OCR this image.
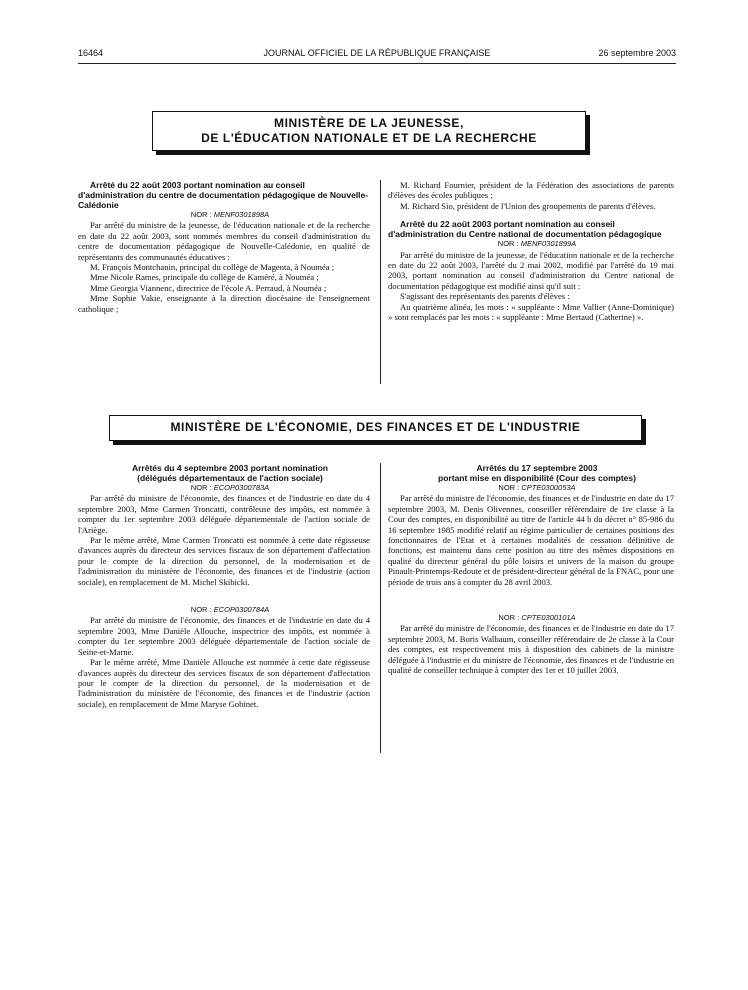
16464	JOURNAL OFFICIEL DE LA RÉPUBLIQUE FRANÇAISE	26 septembre 2003
MINISTÈRE DE LA JEUNESSE,
DE L'ÉDUCATION NATIONALE ET DE LA RECHERCHE

Arrêté du 22 août 2003 portant nomination au conseil d'administration du centre de documentation pédagogique de Nouvelle-Calédonie

NOR : MENF0301898A

Par arrêté du ministre de la jeunesse, de l'éducation nationale et de la recherche en date du 22 août 2003, sont nommés membres du conseil d'administration du centre de documentation pédagogique de Nouvelle-Calédonie, en qualité de représentants des communautés éducatives :

M. François Montchanin, principal du collège de Magenta, à Nouméa ;

Mme Nicole Rames, principale du collège de Kaméré, à Nouméa ;

Mme Georgia Viannenc, directrice de l'école A. Perraud, à Nouméa ;

Mme Sophie Vakie, enseignante à la direction diocésaine de l'enseignement catholique ;

M. Richard Fournier, président de la Fédération des associations de parents d'élèves des écoles publiques ;

M. Richard Sio, président de l'Union des groupements de parents d'élèves.

Arrêté du 22 août 2003 portant nomination au conseil d'administration du Centre national de documentation pédagogique

NOR : MENF0301899A

Par arrêté du ministre de la jeunesse, de l'éducation nationale et de la recherche en date du 22 août 2003, l'arrêté du 2 mai 2002, modifié par l'arrêté du 19 mai 2003, portant nomination au conseil d'administration du Centre national de documentation pédagogique est modifié ainsi qu'il suit :

S'agissant des représentants des parents d'élèves :

Au quatrième alinéa, les mots : « suppléante : Mme Vallier (Anne-Dominique) » sont remplacés par les mots : « suppléante : Mme Bertaud (Catherine) ».

MINISTÈRE DE L'ÉCONOMIE, DES FINANCES ET DE L'INDUSTRIE

Arrêtés du 4 septembre 2003 portant nomination

(délégués départementaux de l'action sociale)

NOR : ECOP0300783A

Par arrêté du ministre de l'économie, des finances et de l'industrie en date du 4 septembre 2003, Mme Carmen Troncatti, contrôleuse des impôts, est nommée à compter du 1er septembre 2003 déléguée départementale de l'action sociale de l'Ariège.

Par le même arrêté, Mme Carmen Troncatti est nommée à cette date régisseuse d'avances auprès du directeur des services fiscaux de son département d'affectation pour le compte de la direction du personnel, de la modernisation et de l'administration du ministère de l'économie, des finances et de l'industrie (action sociale), en remplacement de M. Michel Skibicki.

NOR : ECOP0300784A

Par arrêté du ministre de l'économie, des finances et de l'industrie en date du 4 septembre 2003, Mme Danièle Allouche, inspectrice des impôts, est nommée à compter du 1er septembre 2003 déléguée départementale de l'action sociale de Seine-et-Marne.

Par le même arrêté, Mme Danièle Allouche est nommée à cette date régisseuse d'avances auprès du directeur des services fiscaux de son département d'affectation pour le compte de la direction du personnel, de la modernisation et de l'administration du ministère de l'économie, des finances et de l'industrie (action sociale), en remplacement de Mme Maryse Gobinet.

Arrêtés du 17 septembre 2003

portant mise en disponibilité (Cour des comptes)

NOR : CPTE0300053A

Par arrêté du ministre de l'économie, des finances et de l'industrie en date du 17 septembre 2003, M. Denis Olivennes, conseiller référendaire de 1re classe à la Cour des comptes, en disponibilité au titre de l'article 44 b du décret n° 85-986 du 16 septembre 1985 modifié relatif au régime particulier de certaines positions des fonctionnaires de l'Etat et à certaines modalités de cessation définitive de fonctions, est maintenu dans cette position au titre des mêmes dispositions en qualité du directeur général du pôle loisirs et univers de la maison du groupe Pinault-Printemps-Redoute et de président-directeur général de la FNAC, pour une période de trois ans à compter du 28 avril 2003.

NOR : CPTE0300101A

Par arrêté du ministre de l'économie, des finances et de l'industrie en date du 17 septembre 2003, M. Boris Walbaum, conseiller référendaire de 2e classe à la Cour des comptes, est respectivement mis à disposition des cabinets de la ministre déléguée à l'industrie et du ministre de l'économie, des finances et de l'industrie en qualité de conseiller technique à compter des 1er et 10 juillet 2003.
